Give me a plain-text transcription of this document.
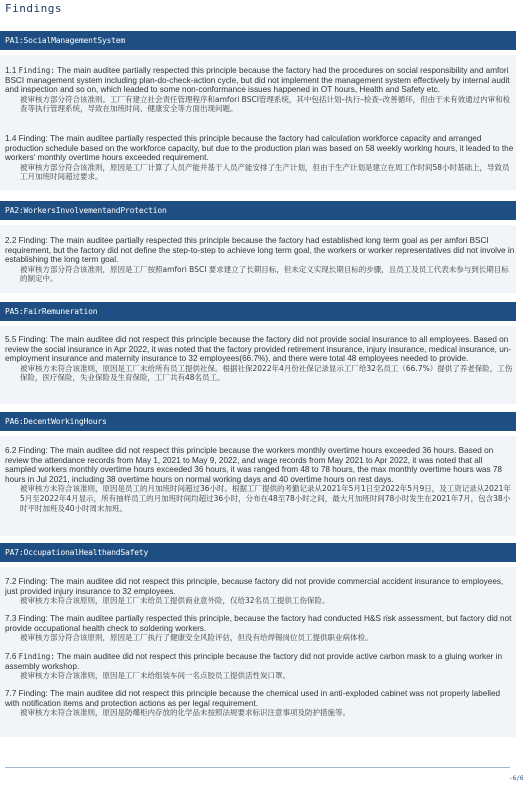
Findings
PA1:SocialManagementSystem
1.1 Finding: The main auditee partially respected this principle because the factory had the procedures on social responsibility and amfori BSCI management system including plan-do-check-action cycle, but did not implement the management system effectively by internal audit and inspection and so on, which leaded to some non-conformance issues happened in OT hours, Health and Safety etc.
被审核方部分符合该准则。工厂有建立社会责任管理程序和amfori BSCI管理系统，其中包括计划–执行–检查–改善循环，但由于未有效通过内审和检查等执行管理系统，导致在加班时间、健康安全等方面出现问题。
1.4 Finding: The main auditee partially respected this principle because the factory had calculation workforce capacity and arranged production schedule based on the workforce capacity, but due to the production plan was based on 58 weekly working hours, it leaded to the workers' monthly overtime hours exceeded requirement.
被审核方部分符合该准则，原因是工厂计算了人员产能并基于人员产能安排了生产计划，但由于生产计划是建立在周工作时间58小时基础上，导致员工月加班时间超过要求。
PA2:WorkersInvolvementandProtection
2.2 Finding: The main auditee partially respected this principle because the factory had established long term goal as per amfori BSCI requirement, but the factory did not define the step-to-step to achieve long term goal, the workers or worker representatives did not involve in establishing the long term goal.
被审核方部分符合该准则，原因是工厂按照amfori BSCI 要求建立了长期目标，但未定义实现长期目标的步骤，且员工及员工代表未参与到长期目标的制定中。
PA5:FairRemuneration
5.5 Finding: The main auditee did not respect this principle because the factory did not provide social insurance to all employees. Based on review the social insurance in Apr 2022, it was noted that the factory provided retirement insurance, injury insurance, medical insurance, un-employment insurance and maternity insurance to 32 employees(66.7%), and there were total 48 employees needed to provide.
被审核方未符合该准则，原因是工厂未给所有员工提供社保。根据社保2022年4月份社保记录显示工厂给32名员工（66.7%）提供了养老保险，工伤保险，医疗保险，失业保险及生育保险，工厂共有48名员工。
PA6:DecentWorkingHours
6.2 Finding: The main auditee did not respect this principle because the workers monthly overtime hours exceeded 36 hours. Based on review the attendance records from May 1, 2021 to May 9, 2022, and wage records from May 2021 to Apr 2022, it was noted that all sampled workers monthly overtime hours exceeded 36 hours, it was ranged from 48 to 78 hours, the max monthly overtime hours was 78 hours in Jul 2021, including 38 overtime hours on normal working days and 40 overtime hours on rest days.
被审核方未符合该准则，原因是员工的月加班时间超过36小时。根据工厂提供的考勤记录从2021年5月1日至2022年5月9日，及工资记录从2021年5月至2022年4月显示，所有抽样员工的月加班时间均超过36小时，分布在48至78小时之间，最大月加班时间78小时发生在2021年7月，包含38小时平时加班及40小时周末加班。
PA7:OccupationalHealthandSafety
7.2 Finding: The main auditee did not respect this principle, because factory did not provide commercial accident insurance to employees, just provided injury insurance to 32 employees.
被审核方未符合该原则，原因是工厂未给员工提供商业意外险，仅给32名员工提供工伤保险。
7.3 Finding: The main auditee partially respected this principle, because the factory had conducted H&S risk assessment, but factory did not provide occupational health check to soldering workers.
被审核方部分符合该原则，原因是工厂执行了健康安全风险评估，但没有给焊锡岗位员工提供职业病体检。
7.6 Finding: The main auditee did not respect this principle because the factory did not provide active carbon mask to a gluing worker in assembly workshop.
被审核方未符合该准则，原因是工厂未给组装车间一名点胶员工提供活性炭口罩。
7.7 Finding: The main auditee did not respect this principle because the chemical used in anti-exploded cabinet was not properly labelled with notification items and protection actions as per legal requirement.
被审核方未符合该准则，原因是防爆柜内存放的化学品未按照法规要求标识注意事项及防护措施等。
-6/6
